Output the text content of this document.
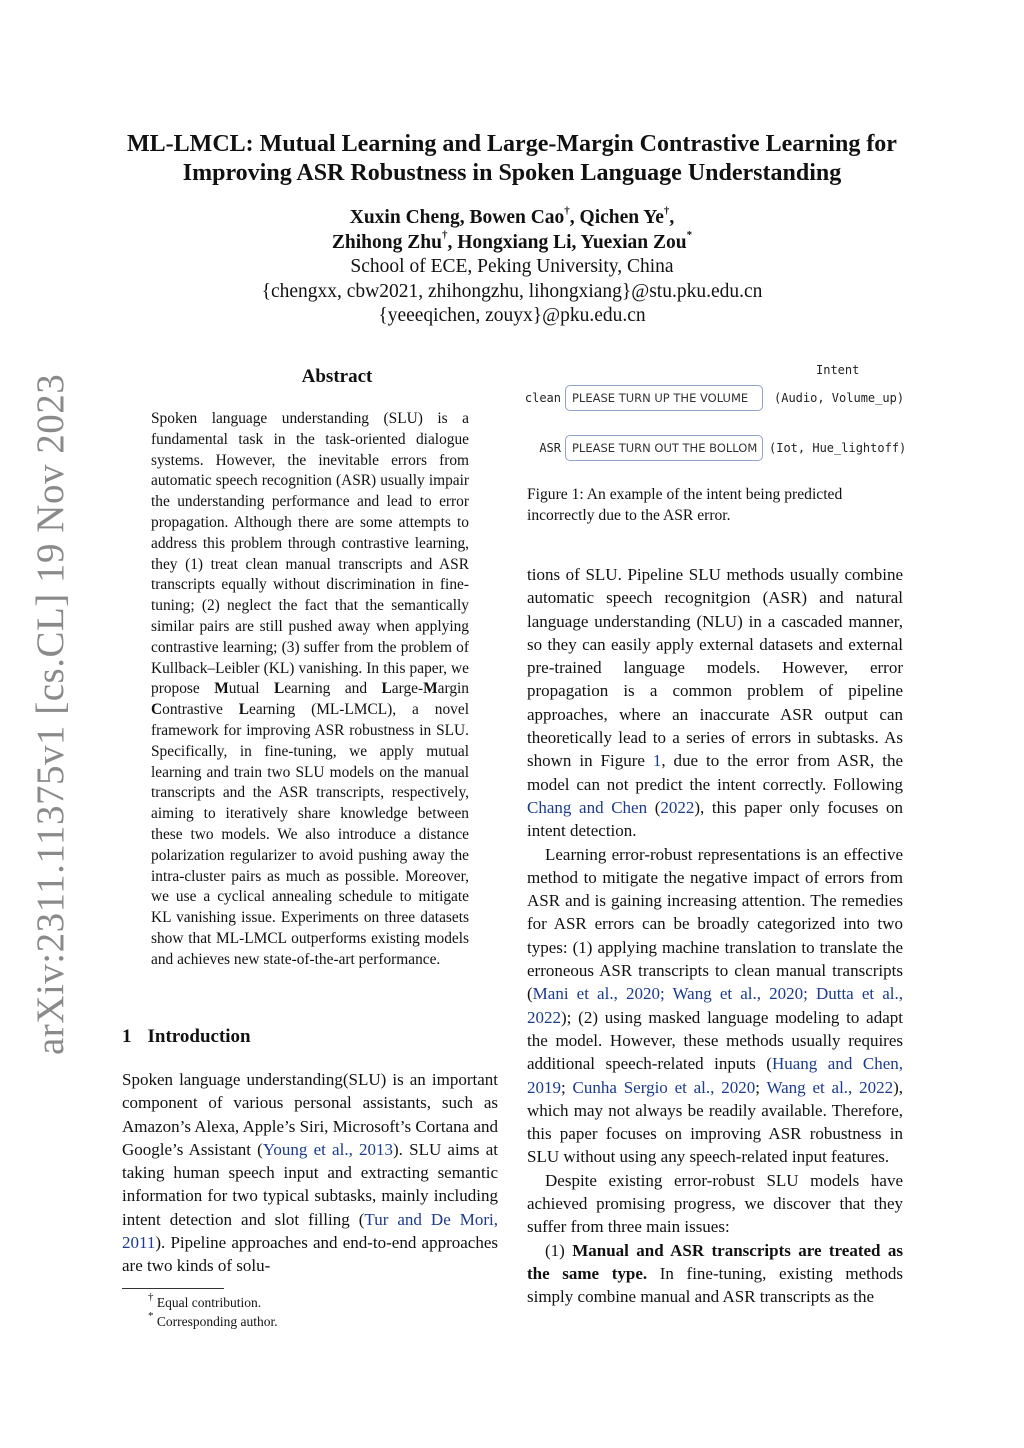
arXiv:2311.11375v1 [cs.CL] 19 Nov 2023
ML-LMCL: Mutual Learning and Large-Margin Contrastive Learning for
Improving ASR Robustness in Spoken Language Understanding
Xuxin Cheng, Bowen Cao†, Qichen Ye†,
Zhihong Zhu†, Hongxiang Li, Yuexian Zou*
School of ECE, Peking University, China
{chengxx, cbw2021, zhihongzhu, lihongxiang}@stu.pku.edu.cn
{yeeeqichen, zouyx}@pku.edu.cn
Abstract
Spoken language understanding (SLU) is a fundamental task in the task-oriented dialogue systems. However, the inevitable errors from automatic speech recognition (ASR) usually impair the understanding performance and lead to error propagation. Although there are some attempts to address this problem through contrastive learning, they (1) treat clean manual transcripts and ASR transcripts equally without discrimination in fine-tuning; (2) neglect the fact that the semantically similar pairs are still pushed away when applying contrastive learning; (3) suffer from the problem of Kullback–Leibler (KL) vanishing. In this paper, we propose Mutual Learning and Large-Margin Contrastive Learning (ML-LMCL), a novel framework for improving ASR robustness in SLU. Specifically, in fine-tuning, we apply mutual learning and train two SLU models on the manual transcripts and the ASR transcripts, respectively, aiming to iteratively share knowledge between these two models. We also introduce a distance polarization regularizer to avoid pushing away the intra-cluster pairs as much as possible. Moreover, we use a cyclical annealing schedule to mitigate KL vanishing issue. Experiments on three datasets show that ML-LMCL outperforms existing models and achieves new state-of-the-art performance.
1 Introduction
Spoken language understanding(SLU) is an important component of various personal assistants, such as Amazon’s Alexa, Apple’s Siri, Microsoft’s Cortana and Google’s Assistant (Young et al., 2013). SLU aims at taking human speech input and extracting semantic information for two typical subtasks, mainly including intent detection and slot filling (Tur and De Mori, 2011). Pipeline approaches and end-to-end approaches are two kinds of solu-
† Equal contribution.
* Corresponding author.
Intent
clean PLEASE TURN UP THE VOLUME	(Audio, Volume_up)
ASR PLEASE TURN OUT THE BOLLOM (Iot, Hue_lightoff)
Figure 1: An example of the intent being predicted incorrectly due to the ASR error.

tions of SLU. Pipeline SLU methods usually combine automatic speech recognitgion (ASR) and natural language understanding (NLU) in a cascaded manner, so they can easily apply external datasets and external pre-trained language models. However, error propagation is a common problem of pipeline approaches, where an inaccurate ASR output can theoretically lead to a series of errors in subtasks. As shown in Figure 1, due to the error from ASR, the model can not predict the intent correctly. Following Chang and Chen (2022), this paper only focuses on intent detection.

Learning error-robust representations is an effective method to mitigate the negative impact of errors from ASR and is gaining increasing attention. The remedies for ASR errors can be broadly categorized into two types: (1) applying machine translation to translate the erroneous ASR transcripts to clean manual transcripts (Mani et al., 2020; Wang et al., 2020; Dutta et al., 2022); (2) using masked language modeling to adapt the model. However, these methods usually requires additional speech-related inputs (Huang and Chen, 2019; Cunha Sergio et al., 2020; Wang et al., 2022), which may not always be readily available. Therefore, this paper focuses on improving ASR robustness in SLU without using any speech-related input features.

Despite existing error-robust SLU models have achieved promising progress, we discover that they suffer from three main issues:

(1) Manual and ASR transcripts are treated as the same type. In fine-tuning, existing methods simply combine manual and ASR transcripts as the
